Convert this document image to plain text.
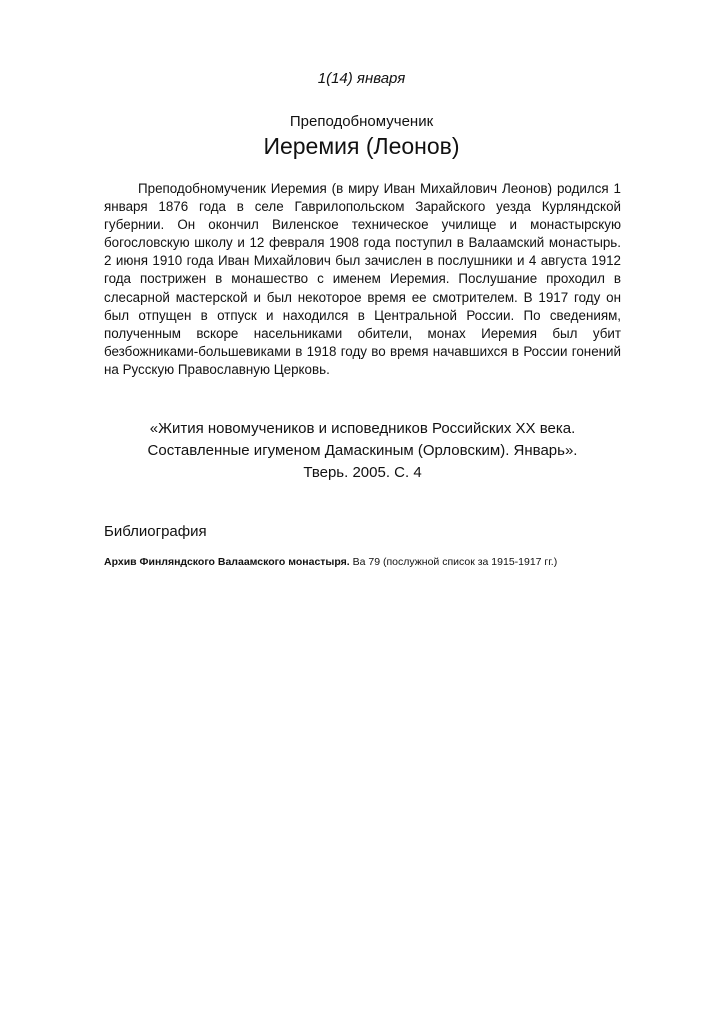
1(14) января
Преподобномученик
Иеремия (Леонов)

Преподобномученик Иеремия (в миру Иван Михайлович Леонов) родился 1 января 1876 года в селе Гаврилопольском Зарайского уезда Курляндской губернии. Он окончил Виленское техническое училище и монастырскую богословскую школу и 12 февраля 1908 года поступил в Валаамский монастырь. 2 июня 1910 года Иван Михайлович был зачислен в послушники и 4 августа 1912 года пострижен в монашество с именем Иеремия. Послушание проходил в слесарной мастерской и был некоторое время ее смотрителем. В 1917 году он был отпущен в отпуск и находился в Центральной России. По сведениям, полученным вскоре насельниками обители, монах Иеремия был убит безбожниками-большевиками в 1918 году во время начавшихся в России гонений на Русскую Православную Церковь.

«Жития новомучеников и исповедников Российских XX века.
Составленные игуменом Дамаскиным (Орловским). Январь».
Тверь. 2005. С. 4
Библиография
Архив Финляндского Валаамского монастыря. Ва 79 (послужной список за 1915-1917 гг.)
